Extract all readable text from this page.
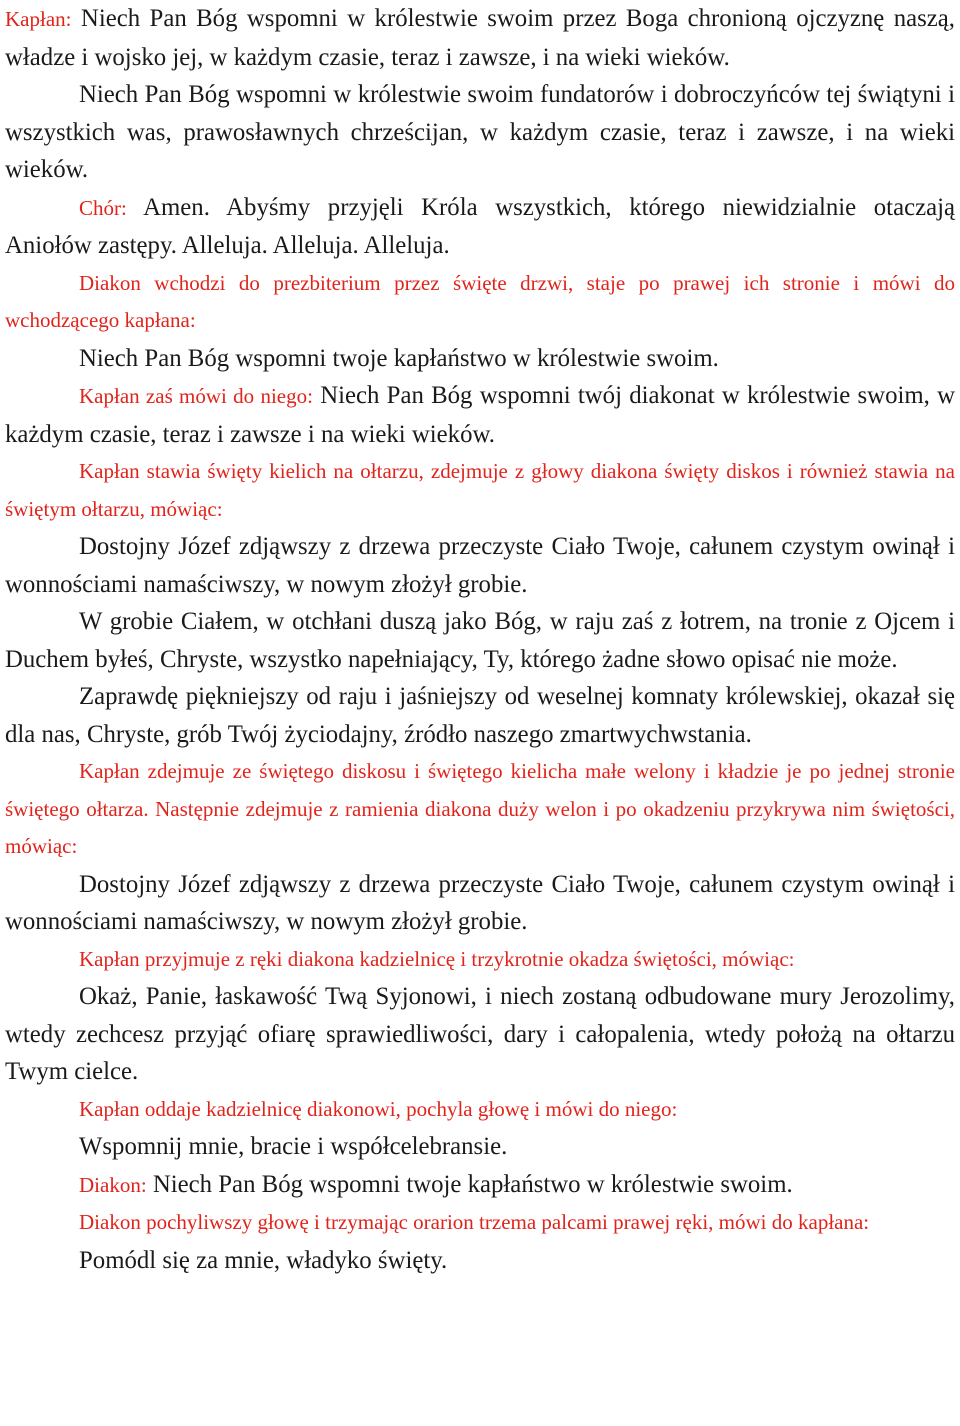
Kapłan: Niech Pan Bóg wspomni w królestwie swoim przez Boga chronioną ojczyznę naszą, władze i wojsko jej, w każdym czasie, teraz i zawsze, i na wieki wieków.

Niech Pan Bóg wspomni w królestwie swoim fundatorów i dobroczyńców tej świątyni i wszystkich was, prawosławnych chrześcijan, w każdym czasie, teraz i zawsze, i na wieki wieków.

Chór: Amen. Abyśmy przyjęli Króla wszystkich, którego niewidzialnie otaczają Aniołów zastępy. Alleluja. Alleluja. Alleluja.

Diakon wchodzi do prezbiterium przez święte drzwi, staje po prawej ich stronie i mówi do wchodzącego kapłana:

Niech Pan Bóg wspomni twoje kapłaństwo w królestwie swoim.

Kapłan zaś mówi do niego: Niech Pan Bóg wspomni twój diakonat w królestwie swoim, w każdym czasie, teraz i zawsze i na wieki wieków.

Kapłan stawia święty kielich na ołtarzu, zdejmuje z głowy diakona święty diskos i również stawia na świętym ołtarzu, mówiąc:

Dostojny Józef zdjąwszy z drzewa przeczyste Ciało Twoje, całunem czystym owinął i wonnościami namaściwszy, w nowym złożył grobie.

W grobie Ciałem, w otchłani duszą jako Bóg, w raju zaś z łotrem, na tronie z Ojcem i Duchem byłeś, Chryste, wszystko napełniający, Ty, którego żadne słowo opisać nie może.

Zaprawdę piękniejszy od raju i jaśniejszy od weselnej komnaty królewskiej, okazał się dla nas, Chryste, grób Twój życiodajny, źródło naszego zmartwychwstania.

Kapłan zdejmuje ze świętego diskosu i świętego kielicha małe welony i kładzie je po jednej stronie świętego ołtarza. Następnie zdejmuje z ramienia diakona duży welon i po okadzeniu przykrywa nim świętości, mówiąc:

Dostojny Józef zdjąwszy z drzewa przeczyste Ciało Twoje, całunem czystym owinął i wonnościami namaściwszy, w nowym złożył grobie.

Kapłan przyjmuje z ręki diakona kadzielnicę i trzykrotnie okadza świętości, mówiąc:

Okaż, Panie, łaskawość Twą Syjonowi, i niech zostaną odbudowane mury Jerozolimy, wtedy zechcesz przyjąć ofiarę sprawiedliwości, dary i całopalenia, wtedy położą na ołtarzu Twym cielce.

Kapłan oddaje kadzielnicę diakonowi, pochyla głowę i mówi do niego:

Wspomnij mnie, bracie i współcelebransie.

Diakon: Niech Pan Bóg wspomni twoje kapłaństwo w królestwie swoim.

Diakon pochyliwszy głowę i trzymając orarion trzema palcami prawej ręki, mówi do kapłana:

Pomódl się za mnie, władyko święty.
